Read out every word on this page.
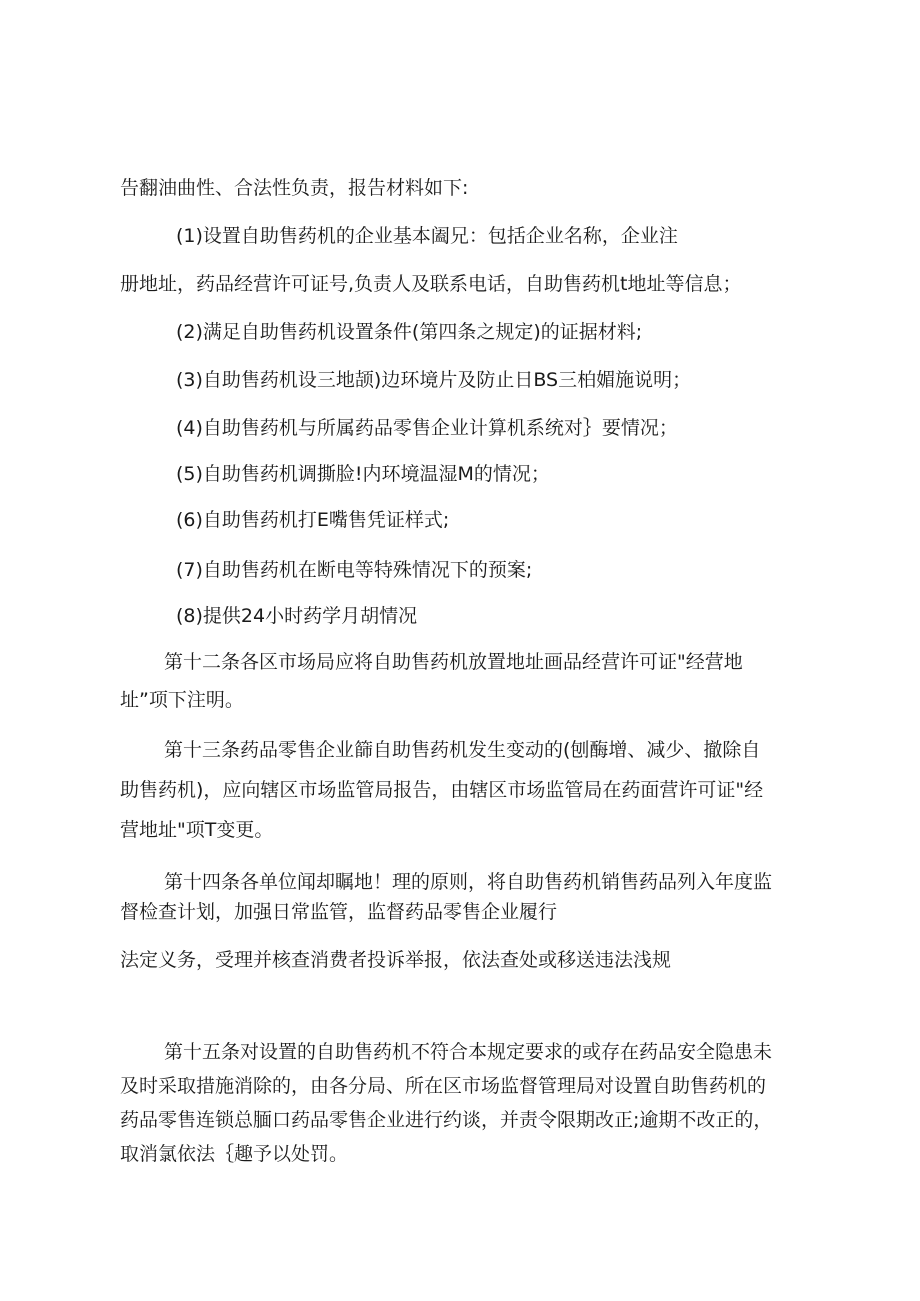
告翻油曲性、合法性负责，报告材料如下:

(1)设置自助售药机的企业基本阖兄：包括企业名称，企业注

册地址，药品经营许可证号,负责人及联系电话，自助售药机t地址等信息；

(2)满足自助售药机设置条件(第四条之规定)的证据材料;

(3)自助售药机设三地颉)边环境片及防止日BS三柏媚施说明；

(4)自助售药机与所属药品零售企业计算机系统对｝要情况；

(5)自助售药机调撕脸!内环境温湿M的情况；

(6)自助售药机打E嘴售凭证样式;

(7)自助售药机在断电等特殊情况下的预案;

(8)提供24小时药学月胡情况

第十二条各区市场局应将自助售药机放置地址画品经营许可证"经营地

址”项下注明。

第十三条药品零售企业篩自助售药机发生变动的(刨酶增、减少、撤除自

助售药机)，应向辖区市场监管局报告，由辖区市场监管局在药面营许可证"经

营地址"项T变更。

第十四条各单位闻却瞩地！理的原则，将自助售药机销售药品列入年度监

督检查计划，加强日常监管，监督药品零售企业履行

法定义务，受理并核查消费者投诉举报，依法查处或移送违法浅规

第十五条对设置的自助售药机不符合本规定要求的或存在药品安全隐患未

及时采取措施消除的，由各分局、所在区市场监督管理局对设置自助售药机的

药品零售连锁总腼口药品零售企业进行约谈，并责令限期改正;逾期不改正的，

取消氯依法｛趣予以处罚。
